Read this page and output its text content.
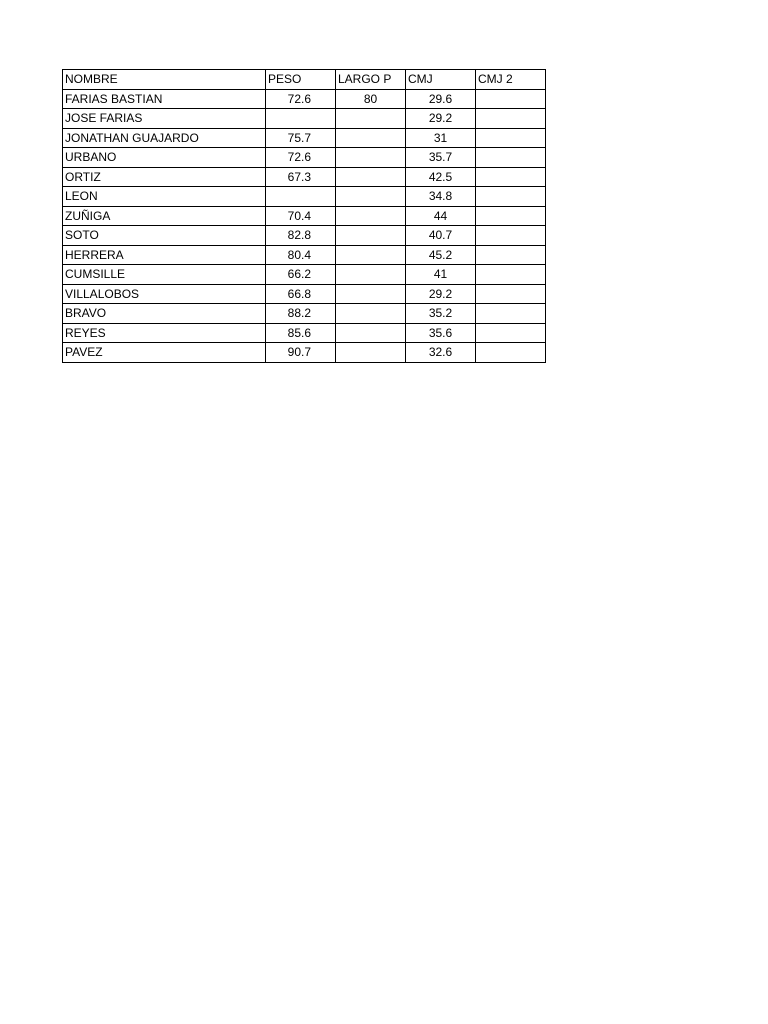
NOMBRE	PESO	LARGO P	CMJ	CMJ 2
FARIAS BASTIAN	72.6	80	29.6	
JOSE FARIAS			29.2	
JONATHAN GUAJARDO	75.7		31	
URBANO	72.6		35.7	
ORTIZ	67.3		42.5	
LEON			34.8	
ZUÑIGA	70.4		44	
SOTO	82.8		40.7	
HERRERA	80.4		45.2	
CUMSILLE	66.2		41	
VILLALOBOS	66.8		29.2	
BRAVO	88.2		35.2	
REYES	85.6		35.6	
PAVEZ	90.7		32.6	
